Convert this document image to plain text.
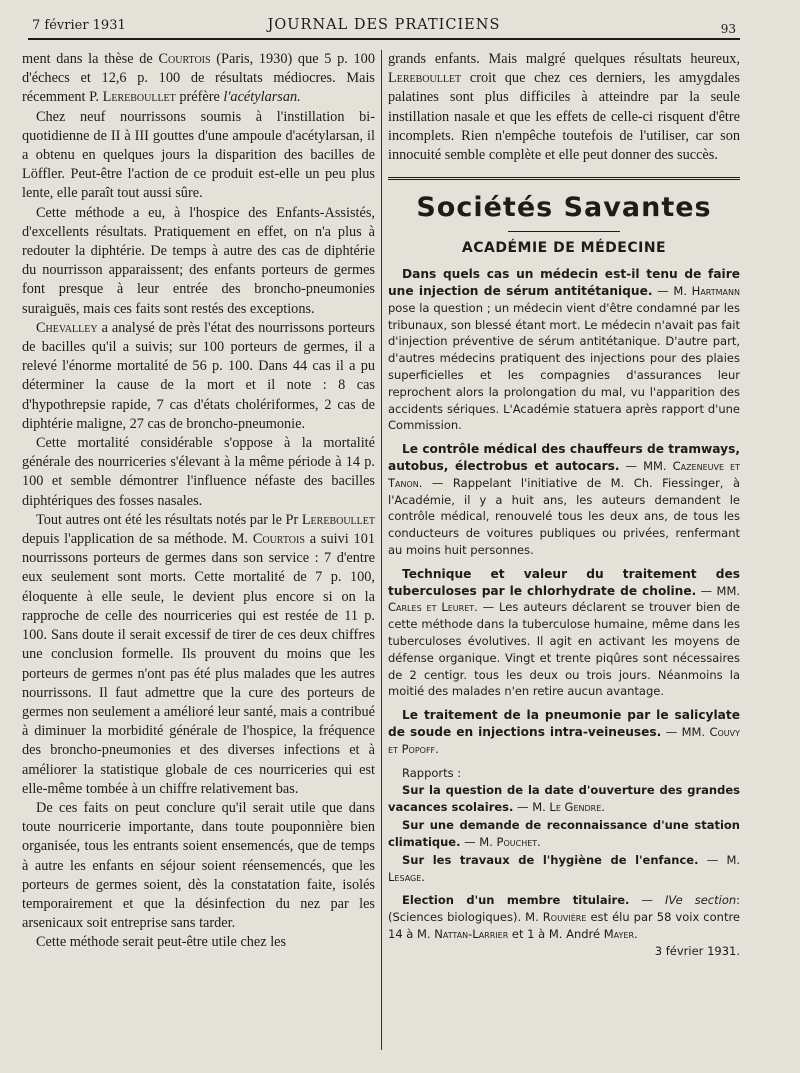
7 février 1931	JOURNAL DES PRATICIENS	93

ment dans la thèse de Courtois (Paris, 1930) que 5 p. 100 d'échecs et 12,6 p. 100 de résultats médiocres. Mais récemment P. Lereboullet préfère l'acétylarsan.

Chez neuf nourrissons soumis à l'instillation bi-quotidienne de II à III gouttes d'une ampoule d'acétylarsan, il a obtenu en quelques jours la disparition des bacilles de Löffler. Peut-être l'action de ce produit est-elle un peu plus lente, elle paraît tout aussi sûre.

Cette méthode a eu, à l'hospice des Enfants-Assistés, d'excellents résultats. Pratiquement en effet, on n'a plus à redouter la diphtérie. De temps à autre des cas de diphtérie du nourrisson apparaissent; des enfants porteurs de germes font presque à leur entrée des broncho-pneumonies suraiguës, mais ces faits sont restés des exceptions.

Chevalley a analysé de près l'état des nourrissons porteurs de bacilles qu'il a suivis; sur 100 porteurs de germes, il a relevé l'énorme mortalité de 56 p. 100. Dans 44 cas il a pu déterminer la cause de la mort et il note : 8 cas d'hypothrepsie rapide, 7 cas d'états cholériformes, 2 cas de diphtérie maligne, 27 cas de broncho-pneumonie.

Cette mortalité considérable s'oppose à la mortalité générale des nourriceries s'élevant à la même période à 14 p. 100 et semble démontrer l'influence néfaste des bacilles diphtériques des fosses nasales.

Tout autres ont été les résultats notés par le Pr Lereboullet depuis l'application de sa méthode. M. Courtois a suivi 101 nourrissons porteurs de germes dans son service : 7 d'entre eux seulement sont morts. Cette mortalité de 7 p. 100, éloquente à elle seule, le devient plus encore si on la rapproche de celle des nourriceries qui est restée de 11 p. 100. Sans doute il serait excessif de tirer de ces deux chiffres une conclusion formelle. Ils prouvent du moins que les porteurs de germes n'ont pas été plus malades que les autres nourrissons. Il faut admettre que la cure des porteurs de germes non seulement a amélioré leur santé, mais a contribué à diminuer la morbidité générale de l'hospice, la fréquence des broncho-pneumonies et des diverses infections et à améliorer la statistique globale de ces nourriceries qui est elle-même tombée à un chiffre relativement bas.

De ces faits on peut conclure qu'il serait utile que dans toute nourricerie importante, dans toute pouponnière bien organisée, tous les entrants soient ensemencés, que de temps à autre les enfants en séjour soient réensemencés, que les porteurs de germes soient, dès la constatation faite, isolés temporairement et que la désinfection du nez par les arsenicaux soit entreprise sans tarder.

Cette méthode serait peut-être utile chez les

grands enfants. Mais malgré quelques résultats heureux, Lereboullet croit que chez ces derniers, les amygdales palatines sont plus difficiles à atteindre par la seule instillation nasale et que les effets de celle-ci risquent d'être incomplets. Rien n'empêche toutefois de l'utiliser, car son innocuité semble complète et elle peut donner des succès.

Sociétés Savantes
ACADÉMIE DE MÉDECINE

Dans quels cas un médecin est-il tenu de faire une injection de sérum antitétanique. — M. Hartmann pose la question ; un médecin vient d'être condamné par les tribunaux, son blessé étant mort. Le médecin n'avait pas fait d'injection préventive de sérum antitétanique. D'autre part, d'autres médecins pratiquent des injections pour des plaies superficielles et les compagnies d'assurances leur reprochent alors la prolongation du mal, vu l'apparition des accidents sériques. L'Académie statuera après rapport d'une Commission.

Le contrôle médical des chauffeurs de tramways, autobus, électrobus et autocars. — MM. Cazeneuve et Tanon. — Rappelant l'initiative de M. Ch. Fiessinger, à l'Académie, il y a huit ans, les auteurs demandent le contrôle médical, renouvelé tous les deux ans, de tous les conducteurs de voitures publiques ou privées, renfermant au moins huit personnes.

Technique et valeur du traitement des tuberculoses par le chlorhydrate de choline. — MM. Carles et Leuret. — Les auteurs déclarent se trouver bien de cette méthode dans la tuberculose humaine, même dans les tuberculoses évolutives. Il agit en activant les moyens de défense organique. Vingt et trente piqûres sont nécessaires de 2 centigr. tous les deux ou trois jours. Néanmoins la moitié des malades n'en retire aucun avantage.

Le traitement de la pneumonie par le salicylate de soude en injections intra-veineuses. — MM. Couvy et Popoff.

Rapports :
Sur la question de la date d'ouverture des grandes vacances scolaires. — M. Le Gendre.
Sur une demande de reconnaissance d'une station climatique. — M. Pouchet.
Sur les travaux de l'hygiène de l'enfance. — M. Lesage.

Election d'un membre titulaire. — IVe section: (Sciences biologiques). M. Rouvière est élu par 58 voix contre 14 à M. Nattan-Larrier et 1 à M. André Mayer.
3 février 1931.
